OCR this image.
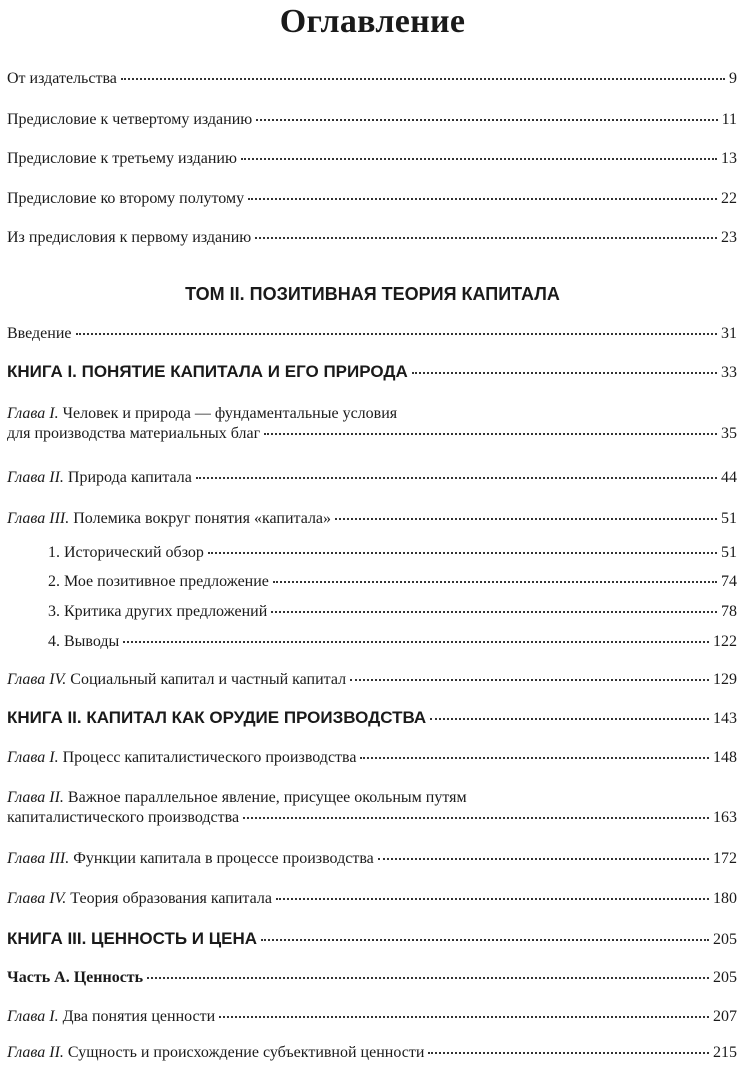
Оглавление
От издательства	9
Предисловие к четвертому изданию	11
Предисловие к третьему изданию	13
Предисловие ко второму полутому	22
Из предисловия к первому изданию	23
ТОМ II. ПОЗИТИВНАЯ ТЕОРИЯ КАПИТАЛА
Введение	31
КНИГА I. ПОНЯТИЕ КАПИТАЛА И ЕГО ПРИРОДА	33
Глава I. Человек и природа — фундаментальные условия
для производства материальных благ	35
Глава II. Природа капитала	44
Глава III. Полемика вокруг понятия «капитала»	51
1. Исторический обзор	51
2. Мое позитивное предложение	74
3. Критика других предложений	78
4. Выводы	122
Глава IV. Социальный капитал и частный капитал	129
КНИГА II. КАПИТАЛ КАК ОРУДИЕ ПРОИЗВОДСТВА	143
Глава I. Процесс капиталистического производства	148
Глава II. Важное параллельное явление, присущее окольным путям
капиталистического производства	163
Глава III. Функции капитала в процессе производства	172
Глава IV. Теория образования капитала	180
КНИГА III. ЦЕННОСТЬ И ЦЕНА	205
Часть А. Ценность	205
Глава I. Два понятия ценности	207
Глава II. Сущность и происхождение субъективной ценности	215
